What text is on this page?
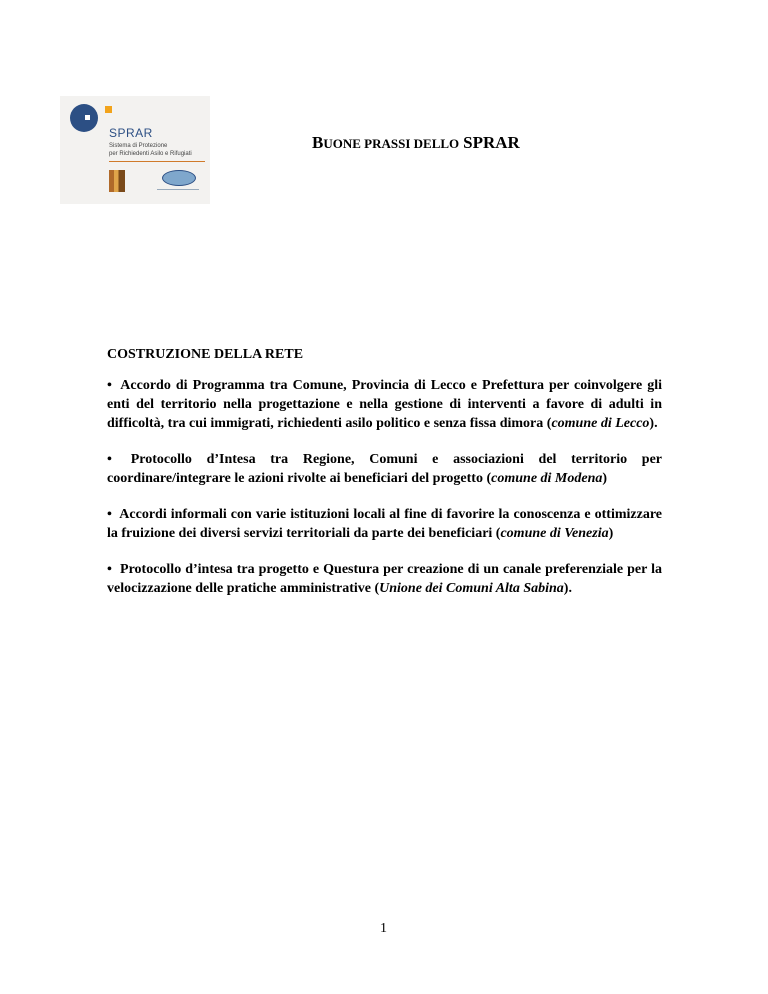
SPRAR
Sistema di Protezione
per Richiedenti Asilo e Rifugiati
BUONE PRASSI DELLO SPRAR
COSTRUZIONE DELLA RETE
• Accordo di Programma tra Comune, Provincia di Lecco e Prefettura per coinvolgere gli enti del territorio nella progettazione e nella gestione di interventi a favore di adulti in difficoltà, tra cui immigrati, richiedenti asilo politico e senza fissa dimora (comune di Lecco).
• Protocollo d’Intesa tra Regione, Comuni e associazioni del territorio per coordinare/integrare le azioni rivolte ai beneficiari del progetto (comune di Modena)
• Accordi informali con varie istituzioni locali al fine di favorire la conoscenza e ottimizzare la fruizione dei diversi servizi territoriali da parte dei beneficiari (comune di Venezia)
• Protocollo d’intesa tra progetto e Questura per creazione di un canale preferenziale per la velocizzazione delle pratiche amministrative (Unione dei Comuni Alta Sabina).
1
